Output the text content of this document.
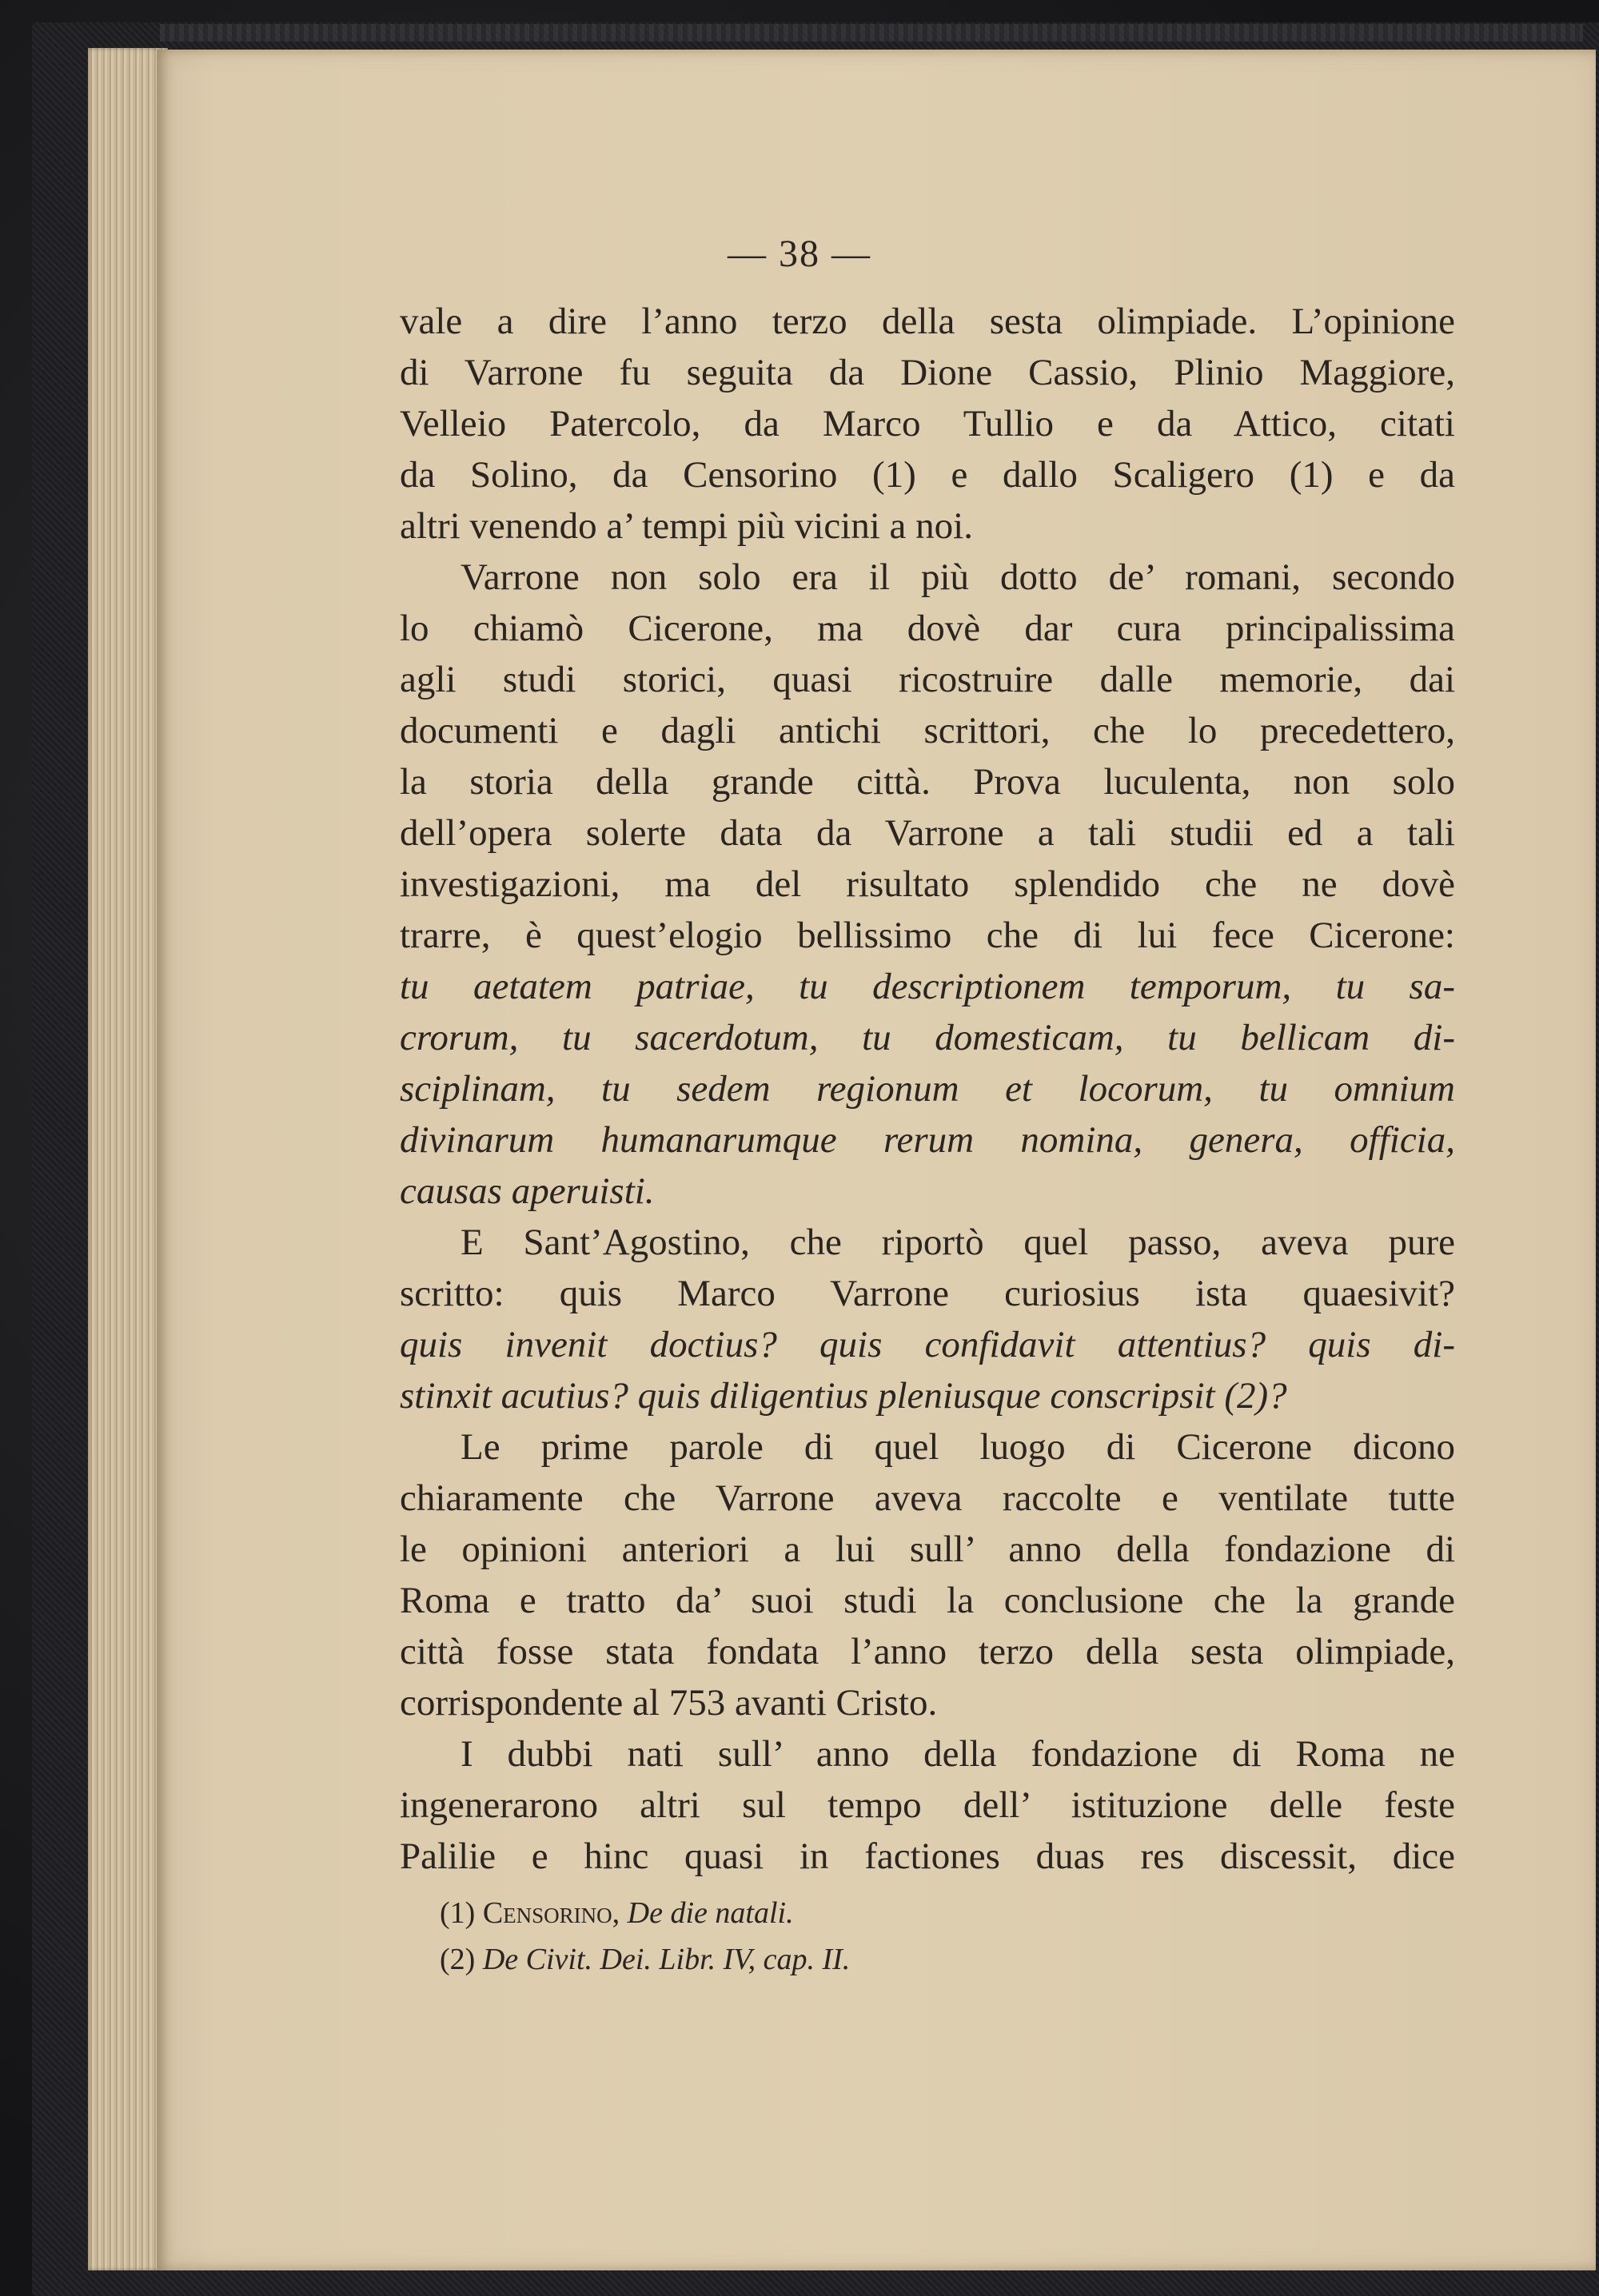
— 38 —
vale a dire l’anno terzo della sesta olimpiade. L’opinione
di Varrone fu seguita da Dione Cassio, Plinio Maggiore,
Velleio Patercolo, da Marco Tullio e da Attico, citati
da Solino, da Censorino (1) e dallo Scaligero (1) e da
altri venendo a’ tempi più vicini a noi.
Varrone non solo era il più dotto de’ romani, secondo
lo chiamò Cicerone, ma dovè dar cura principalissima
agli studi storici, quasi ricostruire dalle memorie, dai
documenti e dagli antichi scrittori, che lo precedettero,
la storia della grande città. Prova luculenta, non solo
dell’opera solerte data da Varrone a tali studii ed a tali
investigazioni, ma del risultato splendido che ne dovè
trarre, è quest’elogio bellissimo che di lui fece Cicerone:
tu aetatem patriae, tu descriptionem temporum, tu sa-
crorum, tu sacerdotum, tu domesticam, tu bellicam di-
sciplinam, tu sedem regionum et locorum, tu omnium
divinarum humanarumque rerum nomina, genera, officia,
causas aperuisti.
E Sant’Agostino, che riportò quel passo, aveva pure
scritto: quis Marco Varrone curiosius ista quaesivit?
quis invenit doctius? quis confidavit attentius? quis di-
stinxit acutius? quis diligentius pleniusque conscripsit (2)?
Le prime parole di quel luogo di Cicerone dicono
chiaramente che Varrone aveva raccolte e ventilate tutte
le opinioni anteriori a lui sull’ anno della fondazione di
Roma e tratto da’ suoi studi la conclusione che la grande
città fosse stata fondata l’anno terzo della sesta olimpiade,
corrispondente al 753 avanti Cristo.
I dubbi nati sull’ anno della fondazione di Roma ne
ingenerarono altri sul tempo dell’ istituzione delle feste
Palilie e hinc quasi in factiones duas res discessit, dice
(1) Censorino, De die natali.
(2) De Civit. Dei. Libr. IV, cap. II.
